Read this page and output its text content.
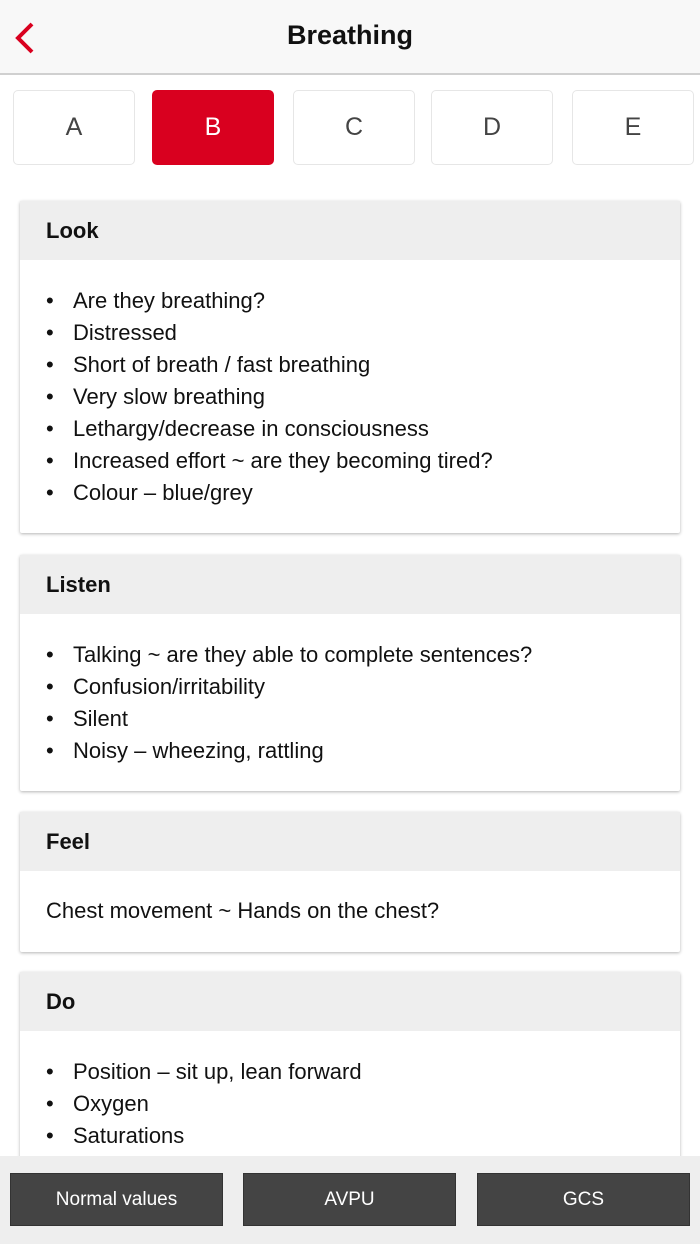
Breathing
A	B	C	D	E
Look
• Are they breathing?
• Distressed
• Short of breath / fast breathing
• Very slow breathing
• Lethargy/decrease in consciousness
• Increased effort ~ are they becoming tired?
• Colour – blue/grey
Listen
• Talking ~ are they able to complete sentences?
• Confusion/irritability
• Silent
• Noisy – wheezing, rattling
Feel

Chest movement ~ Hands on the chest?

Do
• Position – sit up, lean forward
• Oxygen
• Saturations
Normal values	AVPU	GCS
